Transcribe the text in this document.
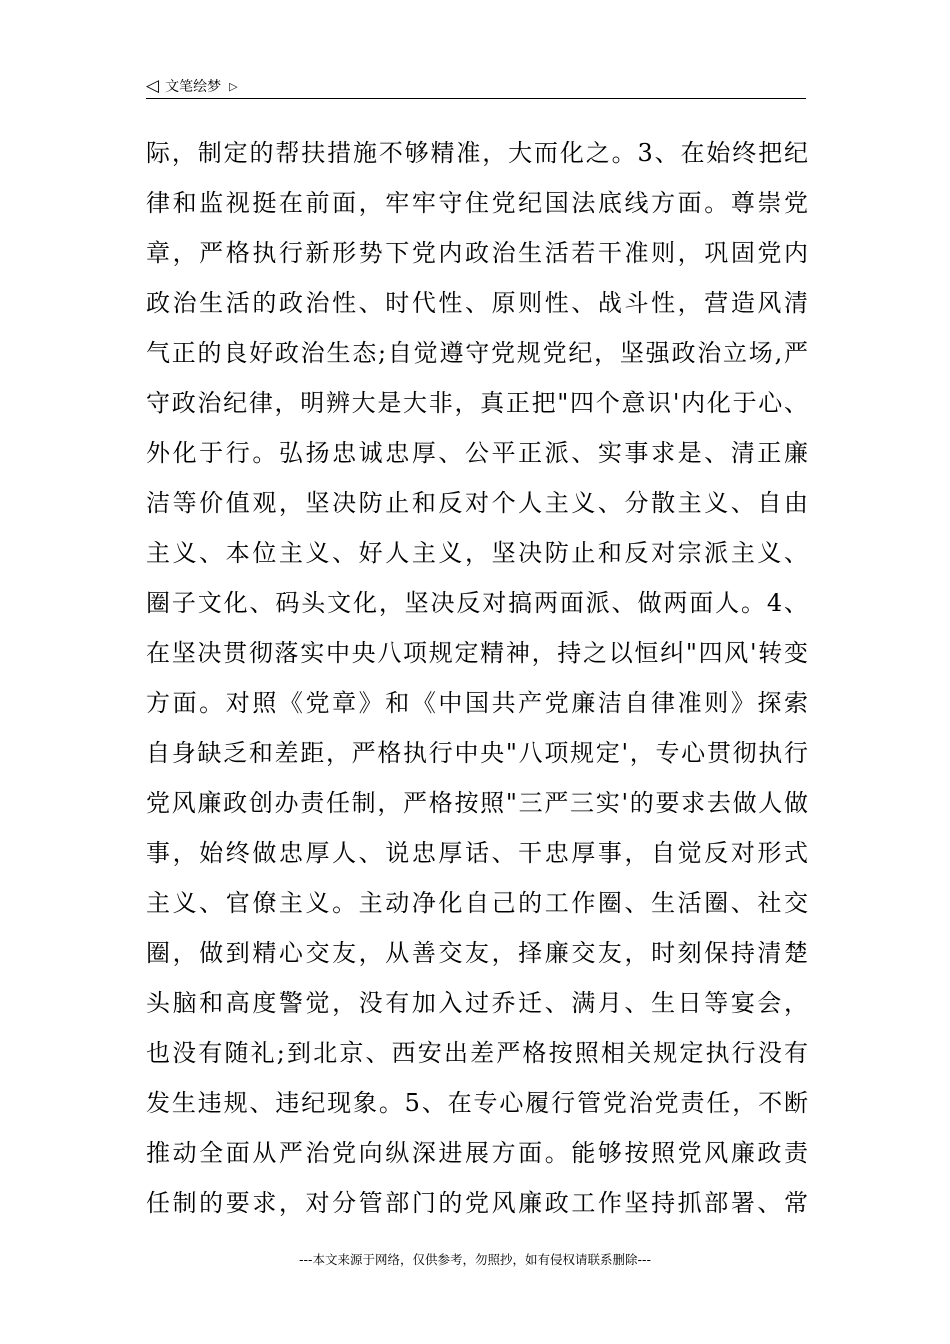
◁ 文笔绘梦 ▷
际，制定的帮扶措施不够精准，大而化之。3、在始终把纪
律和监视挺在前面，牢牢守住党纪国法底线方面。尊崇党
章，严格执行新形势下党内政治生活若干准则，巩固党内
政治生活的政治性、时代性、原则性、战斗性，营造风清
气正的良好政治生态;自觉遵守党规党纪，坚强政治立场,严
守政治纪律，明辨大是大非，真正把"四个意识'内化于心、
外化于行。弘扬忠诚忠厚、公平正派、实事求是、清正廉
洁等价值观，坚决防止和反对个人主义、分散主义、自由
主义、本位主义、好人主义，坚决防止和反对宗派主义、
圈子文化、码头文化，坚决反对搞两面派、做两面人。4、
在坚决贯彻落实中央八项规定精神，持之以恒纠"四风'转变
方面。对照《党章》和《中国共产党廉洁自律准则》探索
自身缺乏和差距，严格执行中央"八项规定'，专心贯彻执行
党风廉政创办责任制，严格按照"三严三实'的要求去做人做
事，始终做忠厚人、说忠厚话、干忠厚事，自觉反对形式
主义、官僚主义。主动净化自己的工作圈、生活圈、社交
圈，做到精心交友，从善交友，择廉交友，时刻保持清楚
头脑和高度警觉，没有加入过乔迁、满月、生日等宴会，
也没有随礼;到北京、西安出差严格按照相关规定执行没有
发生违规、违纪现象。5、在专心履行管党治党责任，不断
推动全面从严治党向纵深进展方面。能够按照党风廉政责
任制的要求，对分管部门的党风廉政工作坚持抓部署、常
---本文来源于网络，仅供参考，勿照抄，如有侵权请联系删除---
